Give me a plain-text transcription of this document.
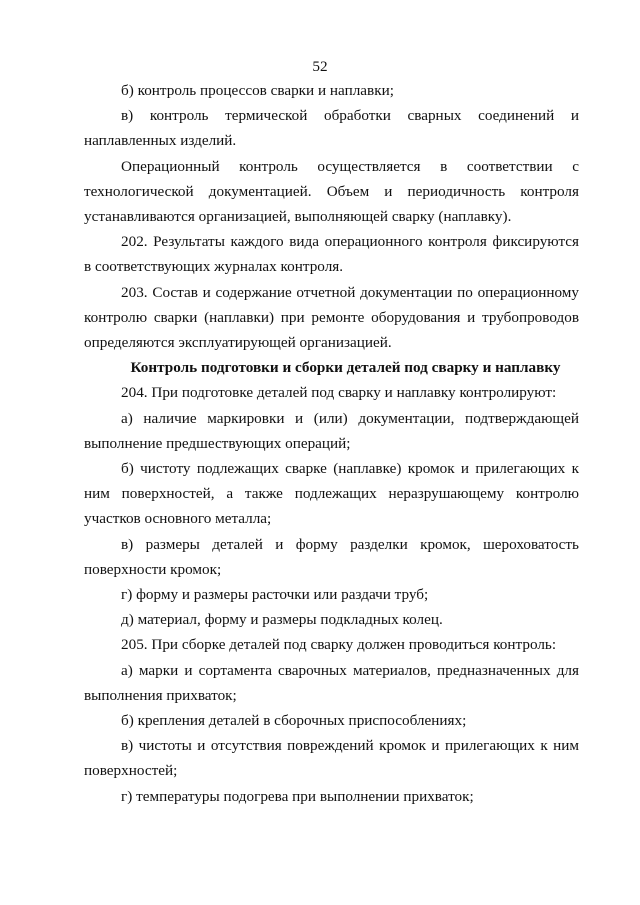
52

б) контроль процессов сварки и наплавки;

в) контроль термической обработки сварных соединений и наплавленных изделий.

Операционный контроль осуществляется в соответствии с технологической документацией. Объем и периодичность контроля устанавливаются организацией, выполняющей сварку (наплавку).

202. Результаты каждого вида операционного контроля фиксируются в соответствующих журналах контроля.

203. Состав и содержание отчетной документации по операционному контролю сварки (наплавки) при ремонте оборудования и трубопроводов определяются эксплуатирующей организацией.

Контроль подготовки и сборки деталей под сварку и наплавку

204. При подготовке деталей под сварку и наплавку контролируют:

а) наличие маркировки и (или) документации, подтверждающей выполнение предшествующих операций;

б) чистоту подлежащих сварке (наплавке) кромок и прилегающих к ним поверхностей, а также подлежащих неразрушающему контролю участков основного металла;

в) размеры деталей и форму разделки кромок, шероховатость поверхности кромок;

г) форму и размеры расточки или раздачи труб;

д) материал, форму и размеры подкладных колец.

205. При сборке деталей под сварку должен проводиться контроль:

а) марки и сортамента сварочных материалов, предназначенных для выполнения прихваток;

б) крепления деталей в сборочных приспособлениях;

в) чистоты и отсутствия повреждений кромок и прилегающих к ним поверхностей;

г) температуры подогрева при выполнении прихваток;
